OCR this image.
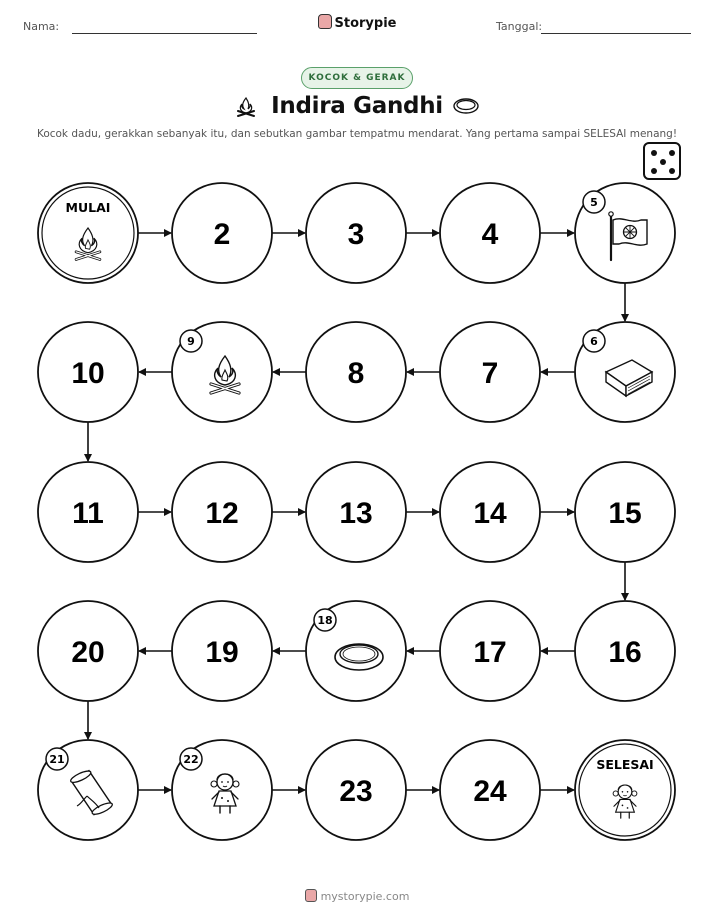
Nama:	Storypie	Tanggal:
KOCOK & GERAK
Indira Gandhi
Kocok dadu, gerakkan sebanyak itu, dan sebutkan gambar tempatmu mendarat. Yang pertama sampai SELESAI menang!
MULAI
2	3	4
5
6
7
8
9
10
11	12	13	14	15
16
17
18
19
20
21	22
23	24
SELESAI
mystorypie.com
